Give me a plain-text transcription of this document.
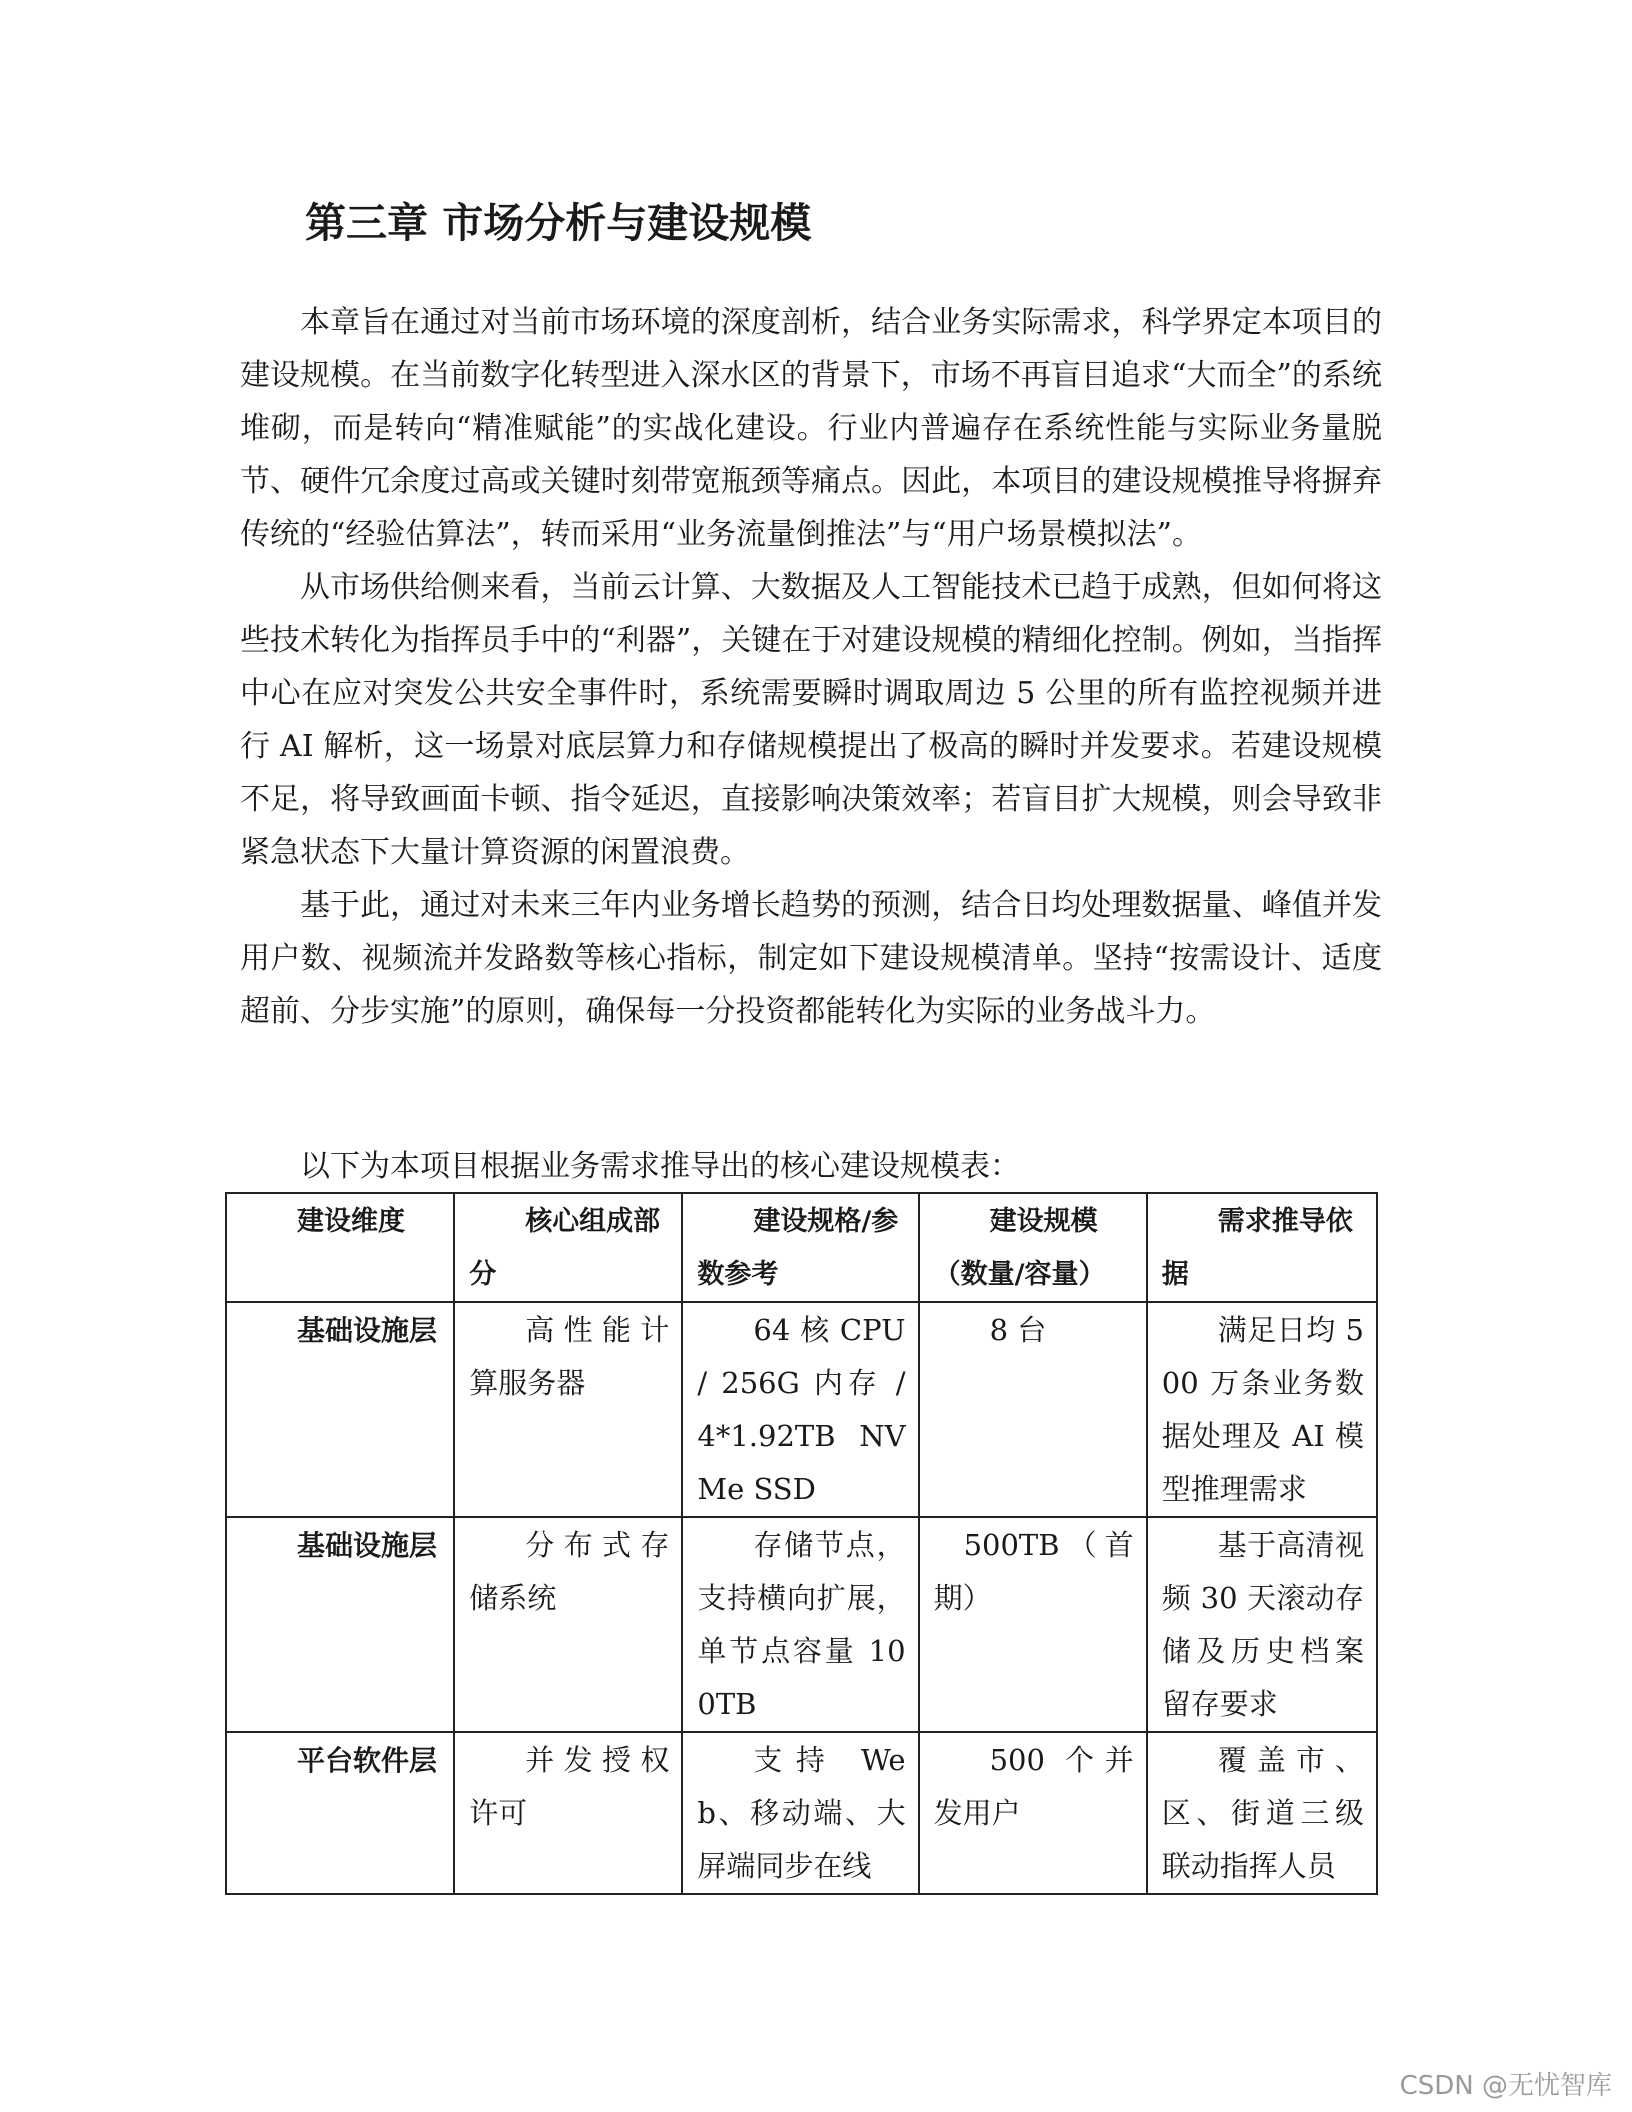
第三章 市场分析与建设规模

本章旨在通过对当前市场环境的深度剖析，结合业务实际需求，科学界定本项目的建设规模。在当前数字化转型进入深水区的背景下，市场不再盲目追求“大而全”的系统堆砌，而是转向“精准赋能”的实战化建设。行业内普遍存在系统性能与实际业务量脱节、硬件冗余度过高或关键时刻带宽瓶颈等痛点。因此，本项目的建设规模推导将摒弃传统的“经验估算法”，转而采用“业务流量倒推法”与“用户场景模拟法”。

从市场供给侧来看，当前云计算、大数据及人工智能技术已趋于成熟，但如何将这些技术转化为指挥员手中的“利器”，关键在于对建设规模的精细化控制。例如，当指挥中心在应对突发公共安全事件时，系统需要瞬时调取周边 5 公里的所有监控视频并进行 AI 解析，这一场景对底层算力和存储规模提出了极高的瞬时并发要求。若建设规模不足，将导致画面卡顿、指令延迟，直接影响决策效率；若盲目扩大规模，则会导致非紧急状态下大量计算资源的闲置浪费。

基于此，通过对未来三年内业务增长趋势的预测，结合日均处理数据量、峰值并发用户数、视频流并发路数等核心指标，制定如下建设规模清单。坚持“按需设计、适度超前、分步实施”的原则，确保每一分投资都能转化为实际的业务战斗力。

以下为本项目根据业务需求推导出的核心建设规模表：
建设维度	核心组成部分	建设规格/参数参考	建设规模（数量/容量）	需求推导依据
基础设施层	高性能计算服务器	64 核 CPU / 256G 内存 / 4*1.92TB NVMe SSD	8 台	满足日均 500 万条业务数据处理及 AI 模型推理需求
基础设施层	分布式存储系统	存储节点，支持横向扩展，单节点容量 100TB	500TB（首期）	基于高清视频 30 天滚动存储及历史档案留存要求
平台软件层	并发授权许可	支持 Web、移动端、大屏端同步在线	500 个并发用户	覆盖市、区、街道三级联动指挥人员
CSDN @无忧智库
